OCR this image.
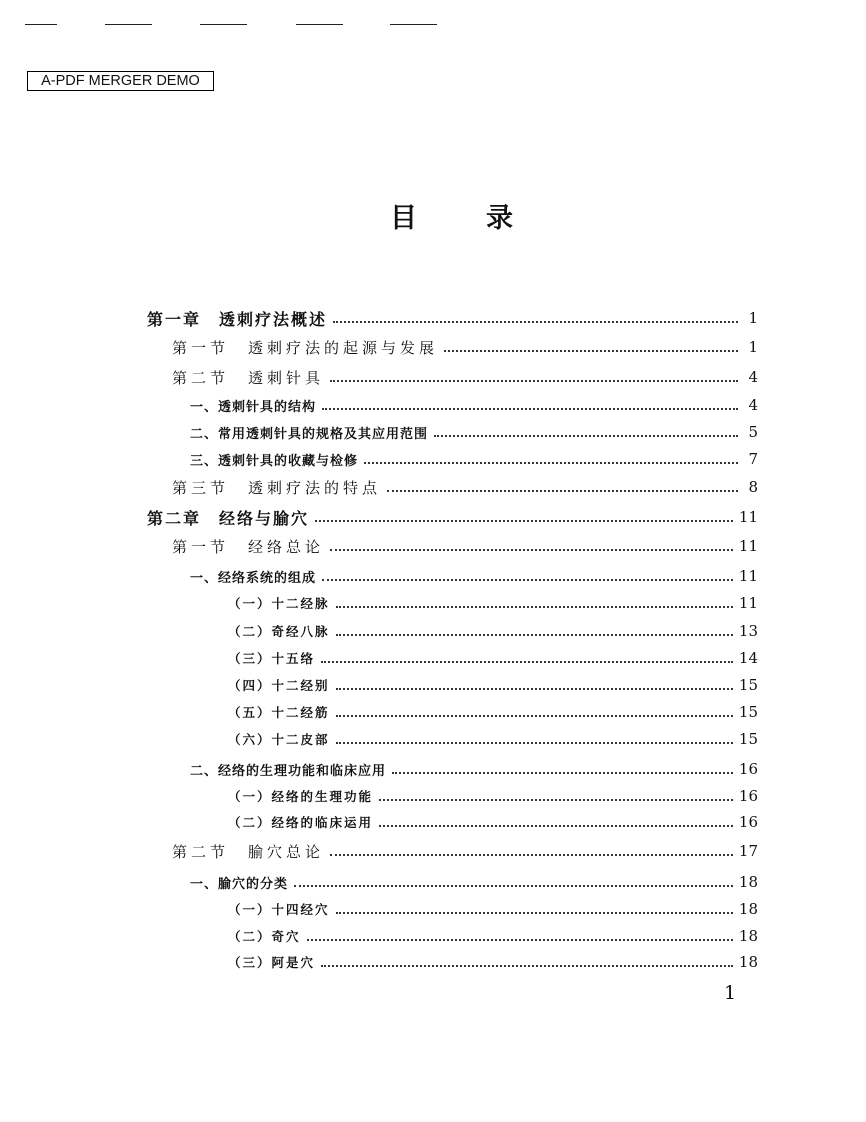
A-PDF MERGER DEMO
目	录
第一章　透刺疗法概述	1
第一节　透刺疗法的起源与发展	1
第二节　透刺针具	4
一、透刺针具的结构	4
二、常用透刺针具的规格及其应用范围	5
三、透刺针具的收藏与检修	7
第三节　透刺疗法的特点	8
第二章　经络与腧穴	11
第一节　经络总论	11
一、经络系统的组成	11
（一）十二经脉	11
（二）奇经八脉	13
（三）十五络	14
（四）十二经别	15
（五）十二经筋	15
（六）十二皮部	15
二、经络的生理功能和临床应用	16
（一）经络的生理功能	16
（二）经络的临床运用	16
第二节　腧穴总论	17
一、腧穴的分类	18
（一）十四经穴	18
（二）奇穴	18
（三）阿是穴	18
1
